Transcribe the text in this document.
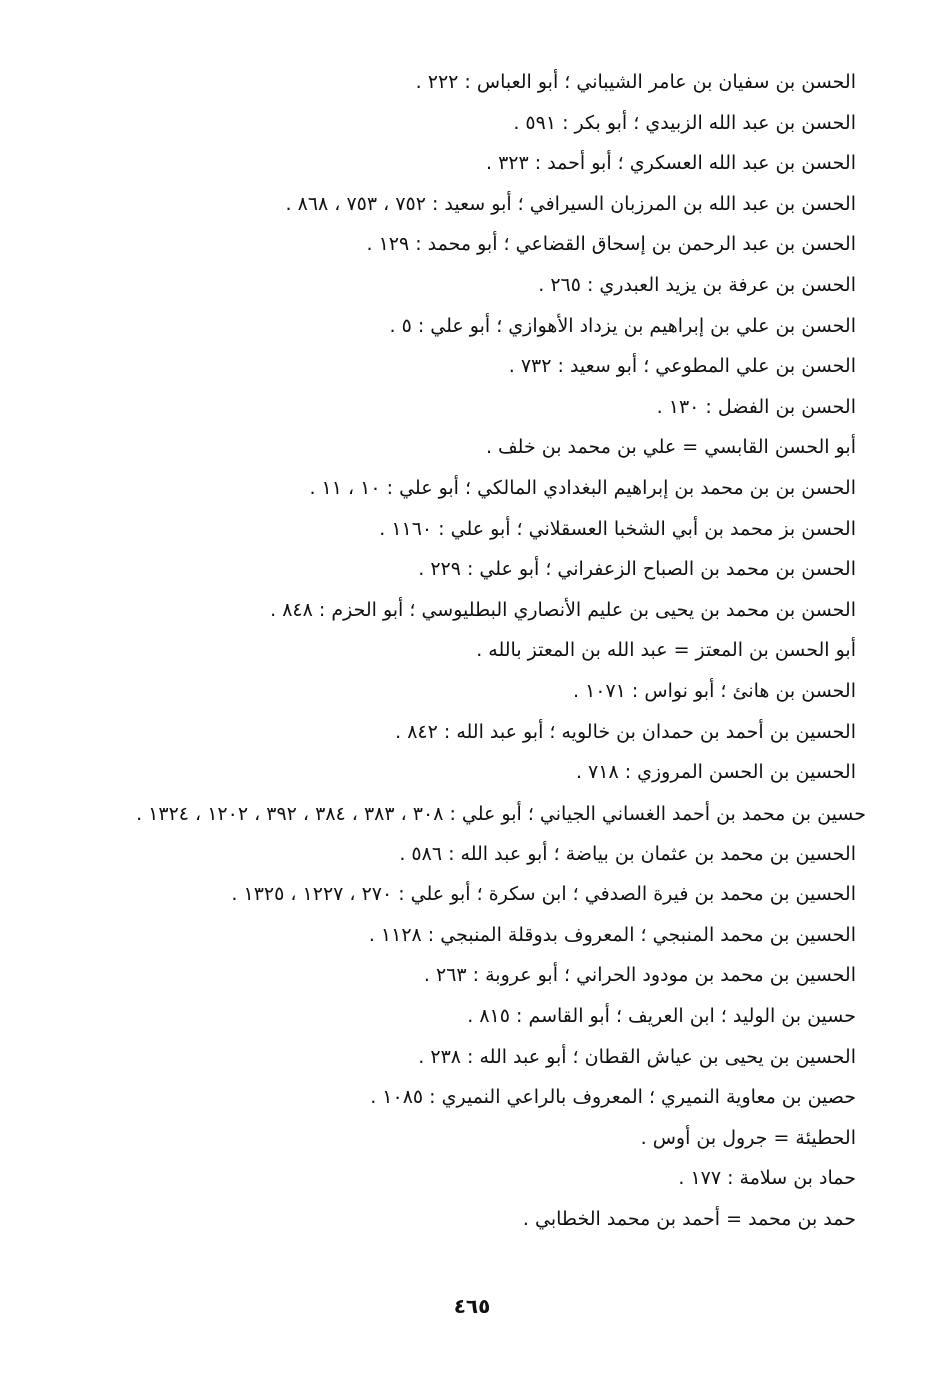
الحسن بن سفيان بن عامر الشيباني ؛ أبو العباس : ٢٢٢ .

الحسن بن عبد الله الزبيدي ؛ أبو بكر : ٥٩١ .

الحسن بن عبد الله العسكري ؛ أبو أحمد : ٣٢٣ .

الحسن بن عبد الله بن المرزبان السيرافي ؛ أبو سعيد : ٧٥٢ ، ٧٥٣ ، ٨٦٨ .

الحسن بن عبد الرحمن بن إسحاق القضاعي ؛ أبو محمد : ١٢٩ .

الحسن بن عرفة بن يزيد العبدري : ٢٦٥ .

الحسن بن علي بن إبراهيم بن يزداد الأهوازي ؛ أبو علي : ٥ .

الحسن بن علي المطوعي ؛ أبو سعيد : ٧٣٢ .

الحسن بن الفضل : ١٣٠ .

أبو الحسن القابسي = علي بن محمد بن خلف .

الحسن بن بن محمد بن إبراهيم البغدادي المالكي ؛ أبو علي : ١٠ ، ١١ .

الحسن بز محمد بن أبي الشخبا العسقلاني ؛ أبو علي : ١١٦٠ .

الحسن بن محمد بن الصباح الزعفراني ؛ أبو علي : ٢٢٩ .

الحسن بن محمد بن يحيى بن عليم الأنصاري البطليوسي ؛ أبو الحزم : ٨٤٨ .

أبو الحسن بن المعتز = عبد الله بن المعتز بالله .

الحسن بن هانئ ؛ أبو نواس : ١٠٧١ .

الحسين بن أحمد بن حمدان بن خالويه ؛ أبو عبد الله : ٨٤٢ .

الحسين بن الحسن المروزي : ٧١٨ .

حسين بن محمد بن أحمد الغساني الجياني ؛ أبو علي : ٣٠٨ ، ٣٨٣ ، ٣٨٤ ، ٣٩٢ ، ١٢٠٢ ، ١٣٢٤ .

الحسين بن محمد بن عثمان بن بياضة ؛ أبو عبد الله : ٥٨٦ .

الحسين بن محمد بن فيرة الصدفي ؛ ابن سكرة ؛ أبو علي : ٢٧٠ ، ١٢٢٧ ، ١٣٢٥ .

الحسين بن محمد المنبجي ؛ المعروف بدوقلة المنبجي : ١١٢٨ .

الحسين بن محمد بن مودود الحراني ؛ أبو عروبة : ٢٦٣ .

حسين بن الوليد ؛ ابن العريف ؛ أبو القاسم : ٨١٥ .

الحسين بن يحيى بن عياش القطان ؛ أبو عبد الله : ٢٣٨ .

حصين بن معاوية النميري ؛ المعروف بالراعي النميري : ١٠٨٥ .

الحطيئة = جرول بن أوس .

حماد بن سلامة : ١٧٧ .

حمد بن محمد = أحمد بن محمد الخطابي .

٤٦٥
